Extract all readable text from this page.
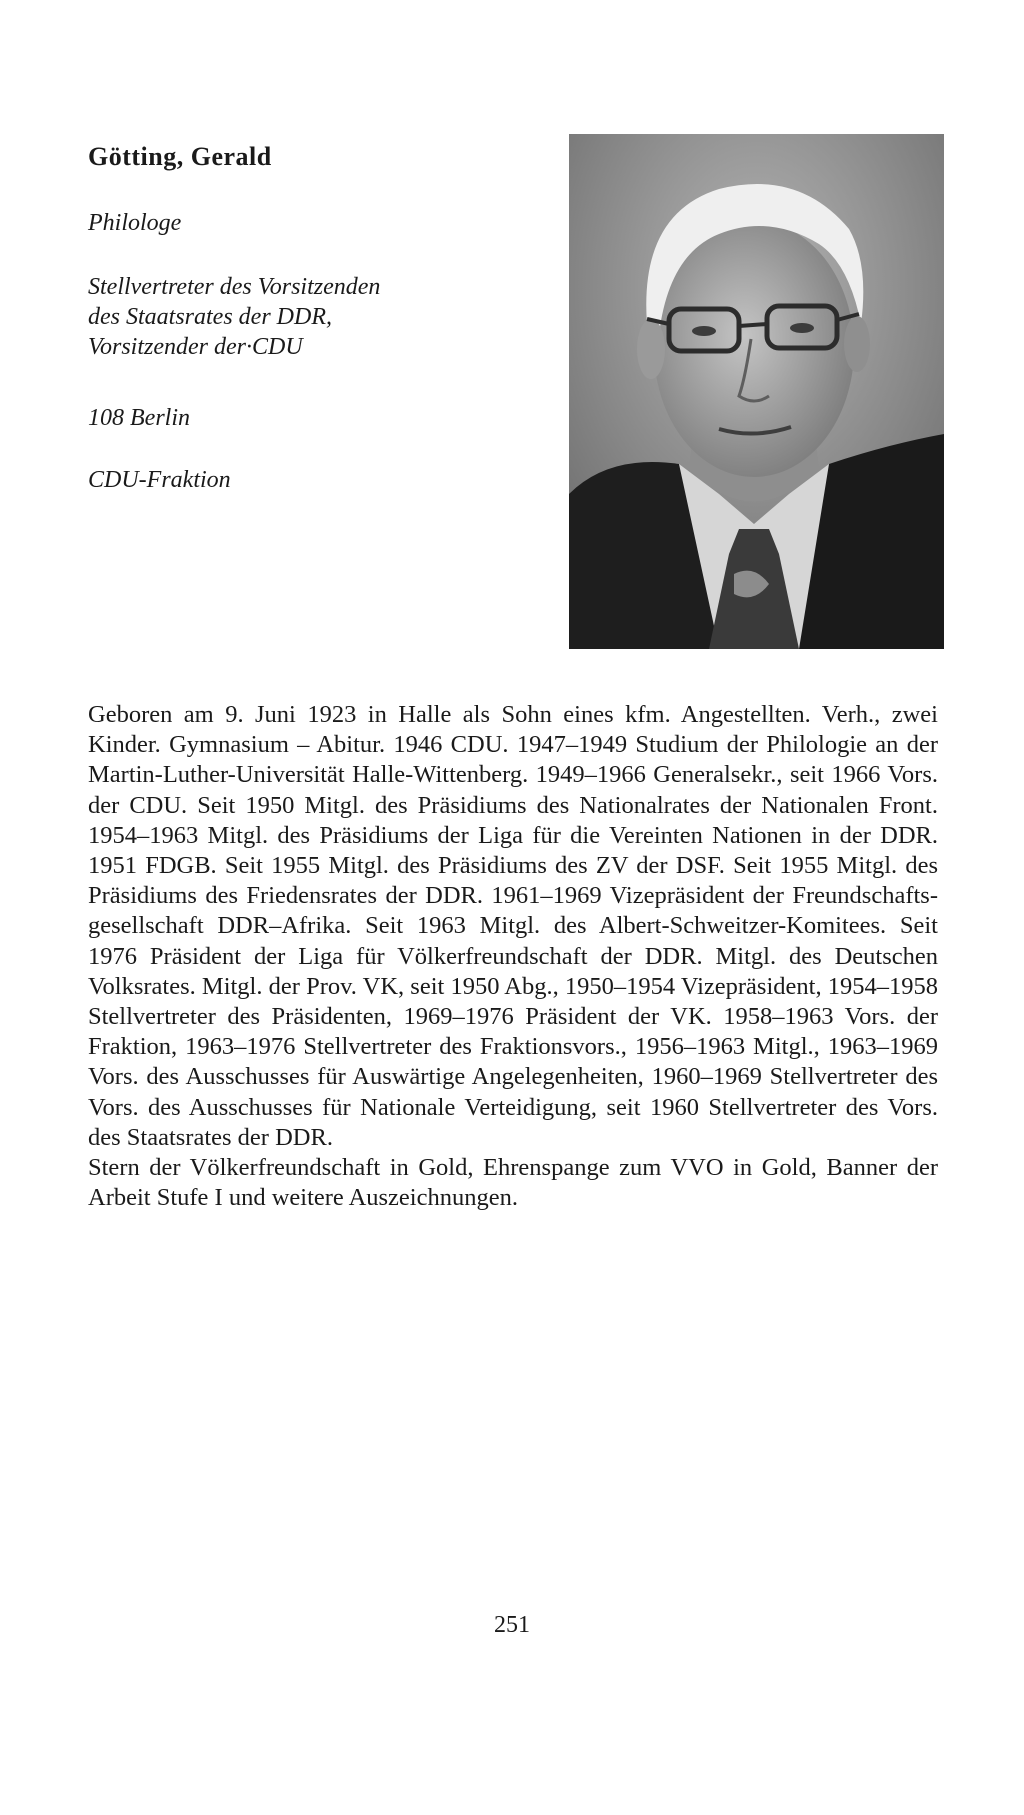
Götting, Gerald

Philologe

Stellvertreter des Vorsitzenden
des Staatsrates der DDR,
Vorsitzender der·CDU

108 Berlin

CDU-Fraktion

Geboren am 9. Juni 1923 in Halle als Sohn eines kfm. Angestellten. Verh., zwei Kinder. Gymnasium – Abitur. 1946 CDU. 1947–1949 Studium der Philologie an der Martin-Luther-Universität Halle-Wittenberg. 1949–1966 Generalsekr., seit 1966 Vors. der CDU. Seit 1950 Mitgl. des Präsidiums des Nationalrates der Nationalen Front. 1954–1963 Mitgl. des Präsidiums der Liga für die Vereinten Nationen in der DDR. 1951 FDGB. Seit 1955 Mitgl. des Präsidiums des ZV der DSF. Seit 1955 Mitgl. des Präsidiums des Friedensrates der DDR. 1961–1969 Vizepräsident der Freundschaftsgesellschaft DDR–Afrika. Seit 1963 Mitgl. des Albert-Schweitzer-Komitees. Seit 1976 Präsident der Liga für Völkerfreundschaft der DDR. Mitgl. des Deutschen Volksrates. Mitgl. der Prov. VK, seit 1950 Abg., 1950–1954 Vizepräsident, 1954–1958 Stellvertreter des Präsidenten, 1969–1976 Präsident der VK. 1958–1963 Vors. der Fraktion, 1963–1976 Stellvertreter des Fraktionsvors., 1956–1963 Mitgl., 1963–1969 Vors. des Ausschusses für Auswärtige Angelegenheiten, 1960–1969 Stellvertreter des Vors. des Ausschusses für Nationale Verteidigung, seit 1960 Stellvertreter des Vors. des Staatsrates der DDR.

Stern der Völkerfreundschaft in Gold, Ehrenspange zum VVO in Gold, Banner der Arbeit Stufe I und weitere Auszeichnungen.

251
